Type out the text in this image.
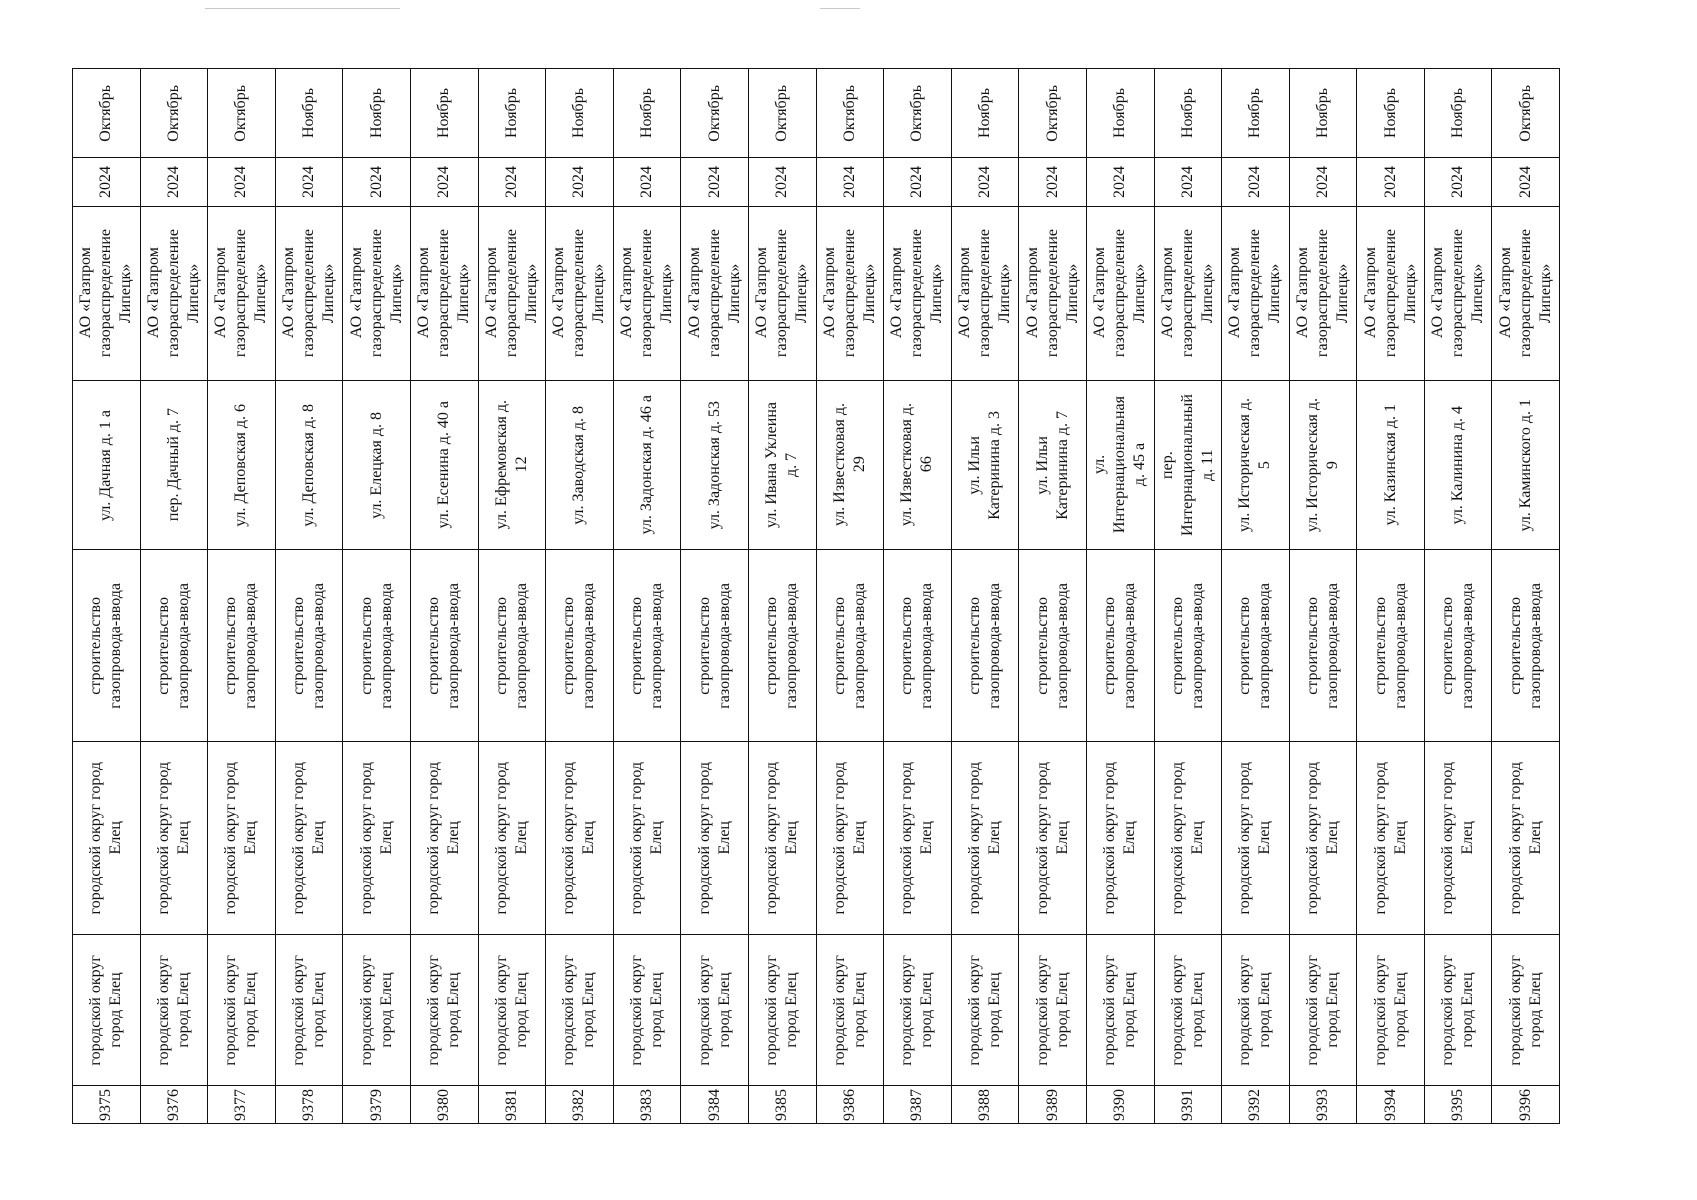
Октябрь
2024
АО «Газпром
газораспределение
Липецк»
ул. Дачная д. 1 а
строительство
газопровода-ввода
городской округ город
Елец
городской округ
город Елец
9375
Октябрь
2024
АО «Газпром
газораспределение
Липецк»
пер. Дачный д. 7
строительство
газопровода-ввода
городской округ город
Елец
городской округ
город Елец
9376
Октябрь
2024
АО «Газпром
газораспределение
Липецк»
ул. Деповская д. 6
строительство
газопровода-ввода
городской округ город
Елец
городской округ
город Елец
9377
Ноябрь
2024
АО «Газпром
газораспределение
Липецк»
ул. Деповская д. 8
строительство
газопровода-ввода
городской округ город
Елец
городской округ
город Елец
9378
Ноябрь
2024
АО «Газпром
газораспределение
Липецк»
ул. Елецкая д. 8
строительство
газопровода-ввода
городской округ город
Елец
городской округ
город Елец
9379
Ноябрь
2024
АО «Газпром
газораспределение
Липецк»
ул. Есенина д. 40 а
строительство
газопровода-ввода
городской округ город
Елец
городской округ
город Елец
9380
Ноябрь
2024
АО «Газпром
газораспределение
Липецк»
ул. Ефремовская д.
12
строительство
газопровода-ввода
городской округ город
Елец
городской округ
город Елец
9381
Ноябрь
2024
АО «Газпром
газораспределение
Липецк»
ул. Заводская д. 8
строительство
газопровода-ввода
городской округ город
Елец
городской округ
город Елец
9382
Ноябрь
2024
АО «Газпром
газораспределение
Липецк»
ул. Задонская д. 46 а
строительство
газопровода-ввода
городской округ город
Елец
городской округ
город Елец
9383
Октябрь
2024
АО «Газпром
газораспределение
Липецк»
ул. Задонская д. 53
строительство
газопровода-ввода
городской округ город
Елец
городской округ
город Елец
9384
Октябрь
2024
АО «Газпром
газораспределение
Липецк»
ул. Ивана Уклеина
д. 7
строительство
газопровода-ввода
городской округ город
Елец
городской округ
город Елец
9385
Октябрь
2024
АО «Газпром
газораспределение
Липецк»
ул. Известковая д.
29
строительство
газопровода-ввода
городской округ город
Елец
городской округ
город Елец
9386
Октябрь
2024
АО «Газпром
газораспределение
Липецк»
ул. Известковая д.
66
строительство
газопровода-ввода
городской округ город
Елец
городской округ
город Елец
9387
Ноябрь
2024
АО «Газпром
газораспределение
Липецк»
ул. Ильи
Катеринина д. 3
строительство
газопровода-ввода
городской округ город
Елец
городской округ
город Елец
9388
Октябрь
2024
АО «Газпром
газораспределение
Липецк»
ул. Ильи
Катеринина д. 7
строительство
газопровода-ввода
городской округ город
Елец
городской округ
город Елец
9389
Ноябрь
2024
АО «Газпром
газораспределение
Липецк»
ул.
Интернациональная
д. 45 а
строительство
газопровода-ввода
городской округ город
Елец
городской округ
город Елец
9390
Ноябрь
2024
АО «Газпром
газораспределение
Липецк»
пер.
Интернациональный
д. 11
строительство
газопровода-ввода
городской округ город
Елец
городской округ
город Елец
9391
Ноябрь
2024
АО «Газпром
газораспределение
Липецк»
ул. Историческая д.
5
строительство
газопровода-ввода
городской округ город
Елец
городской округ
город Елец
9392
Ноябрь
2024
АО «Газпром
газораспределение
Липецк»
ул. Историческая д.
9
строительство
газопровода-ввода
городской округ город
Елец
городской округ
город Елец
9393
Ноябрь
2024
АО «Газпром
газораспределение
Липецк»
ул. Казинская д. 1
строительство
газопровода-ввода
городской округ город
Елец
городской округ
город Елец
9394
Ноябрь
2024
АО «Газпром
газораспределение
Липецк»
ул. Калинина д. 4
строительство
газопровода-ввода
городской округ город
Елец
городской округ
город Елец
9395
Октябрь
2024
АО «Газпром
газораспределение
Липецк»
ул. Каминского д. 1
строительство
газопровода-ввода
городской округ город
Елец
городской округ
город Елец
9396
